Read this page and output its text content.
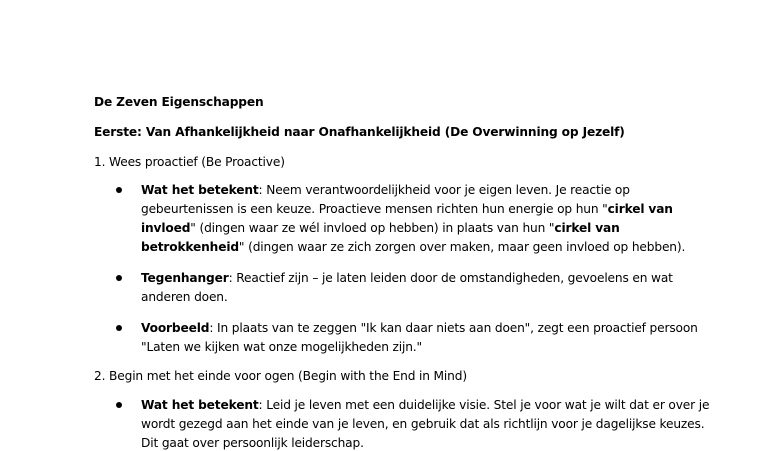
De Zeven Eigenschappen
Eerste: Van Afhankelijkheid naar Onafhankelijkheid (De Overwinning op Jezelf)
1. Wees proactief (Be Proactive)
Wat het betekent: Neem verantwoordelijkheid voor je eigen leven. Je reactie op
gebeurtenissen is een keuze. Proactieve mensen richten hun energie op hun "cirkel van
invloed" (dingen waar ze wél invloed op hebben) in plaats van hun "cirkel van
betrokkenheid" (dingen waar ze zich zorgen over maken, maar geen invloed op hebben).
Tegenhanger: Reactief zijn – je laten leiden door de omstandigheden, gevoelens en wat
anderen doen.
Voorbeeld: In plaats van te zeggen "Ik kan daar niets aan doen", zegt een proactief persoon
"Laten we kijken wat onze mogelijkheden zijn."
2. Begin met het einde voor ogen (Begin with the End in Mind)
Wat het betekent: Leid je leven met een duidelijke visie. Stel je voor wat je wilt dat er over je
wordt gezegd aan het einde van je leven, en gebruik dat als richtlijn voor je dagelijkse keuzes.
Dit gaat over persoonlijk leiderschap.
